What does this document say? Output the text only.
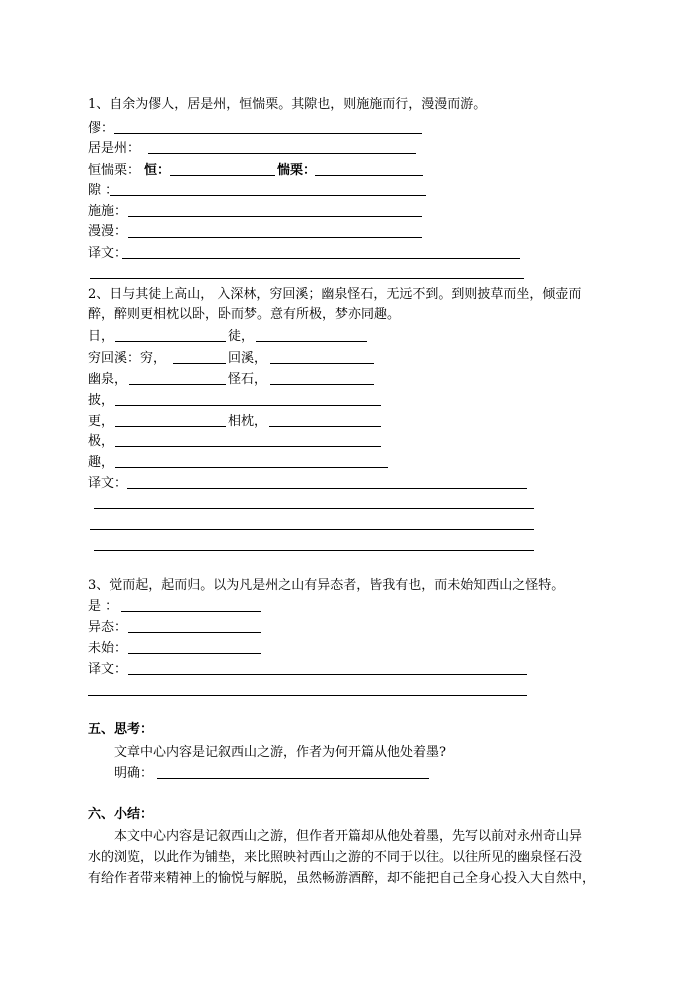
1、自余为僇人，居是州，恒惴栗。其隙也，则施施而行，漫漫而游。
僇：
居是州：
恒惴栗： 恒：	惴栗：
隙 ：
施施：
漫漫：
译文：
2、日与其徒上高山， 入深林，穷回溪；幽泉怪石，无远不到。到则披草而坐，倾壶而
醉，醉则更相枕以卧，卧而梦。意有所极，梦亦同趣。
日，	徒，
穷回溪：穷，	回溪，
幽泉，	怪石，
披，
更，	相枕，
极，
趣，
译文：
3、觉而起，起而归。以为凡是州之山有异态者，皆我有也，而未始知西山之怪特。
是 ：
异态：
未始：
译文：
五、思考：
文章中心内容是记叙西山之游，作者为何开篇从他处着墨?
明确：
六、小结：
本文中心内容是记叙西山之游，但作者开篇却从他处着墨，先写以前对永州奇山异
水的浏览，以此作为铺垫，来比照映衬西山之游的不同于以往。以往所见的幽泉怪石没
有给作者带来精神上的愉悦与解脱，虽然畅游酒醉，却不能把自己全身心投入大自然中，
